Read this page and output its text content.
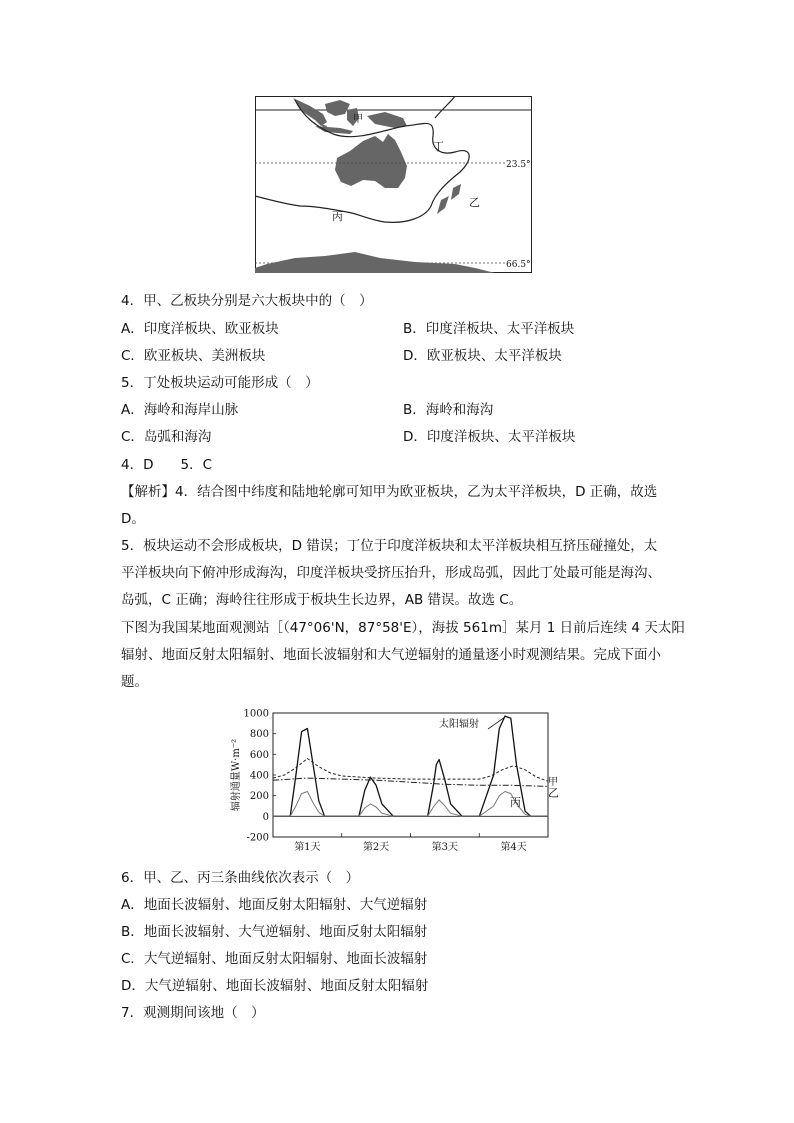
甲
乙
丙
丁
23.5°
66.5°
4．甲、乙板块分别是六大板块中的（　）
A．印度洋板块、欧亚板块	B．印度洋板块、太平洋板块
C．欧亚板块、美洲板块	D．欧亚板块、太平洋板块
5．丁处板块运动可能形成（　）
A．海岭和海岸山脉	B．海岭和海沟
C．岛弧和海沟	D．印度洋板块、太平洋板块
4．D　　5．C
【解析】4．结合图中纬度和陆地轮廓可知甲为欧亚板块，乙为太平洋板块，D 正确，故选
D。
5．板块运动不会形成板块，D 错误；丁位于印度洋板块和太平洋板块相互挤压碰撞处，太
平洋板块向下俯冲形成海沟，印度洋板块受挤压抬升，形成岛弧，因此丁处最可能是海沟、
岛弧，C 正确；海岭往往形成于板块生长边界，AB 错误。故选 C。
下图为我国某地面观测站［（47°06'N，87°58'E），海拔 561m］某月 1 日前后连续 4 天太阳
辐射、地面反射太阳辐射、地面长波辐射和大气逆辐射的通量逐小时观测结果。完成下面小
题。
1000
800
600
400
200
0
-200
第1天	第2天	第3天	第4天
辐射通量W·m⁻²
太阳辐射
甲
乙
丙
6．甲、乙、丙三条曲线依次表示（　）
A．地面长波辐射、地面反射太阳辐射、大气逆辐射
B．地面长波辐射、大气逆辐射、地面反射太阳辐射
C．大气逆辐射、地面反射太阳辐射、地面长波辐射
D．大气逆辐射、地面长波辐射、地面反射太阳辐射
7．观测期间该地（　）
